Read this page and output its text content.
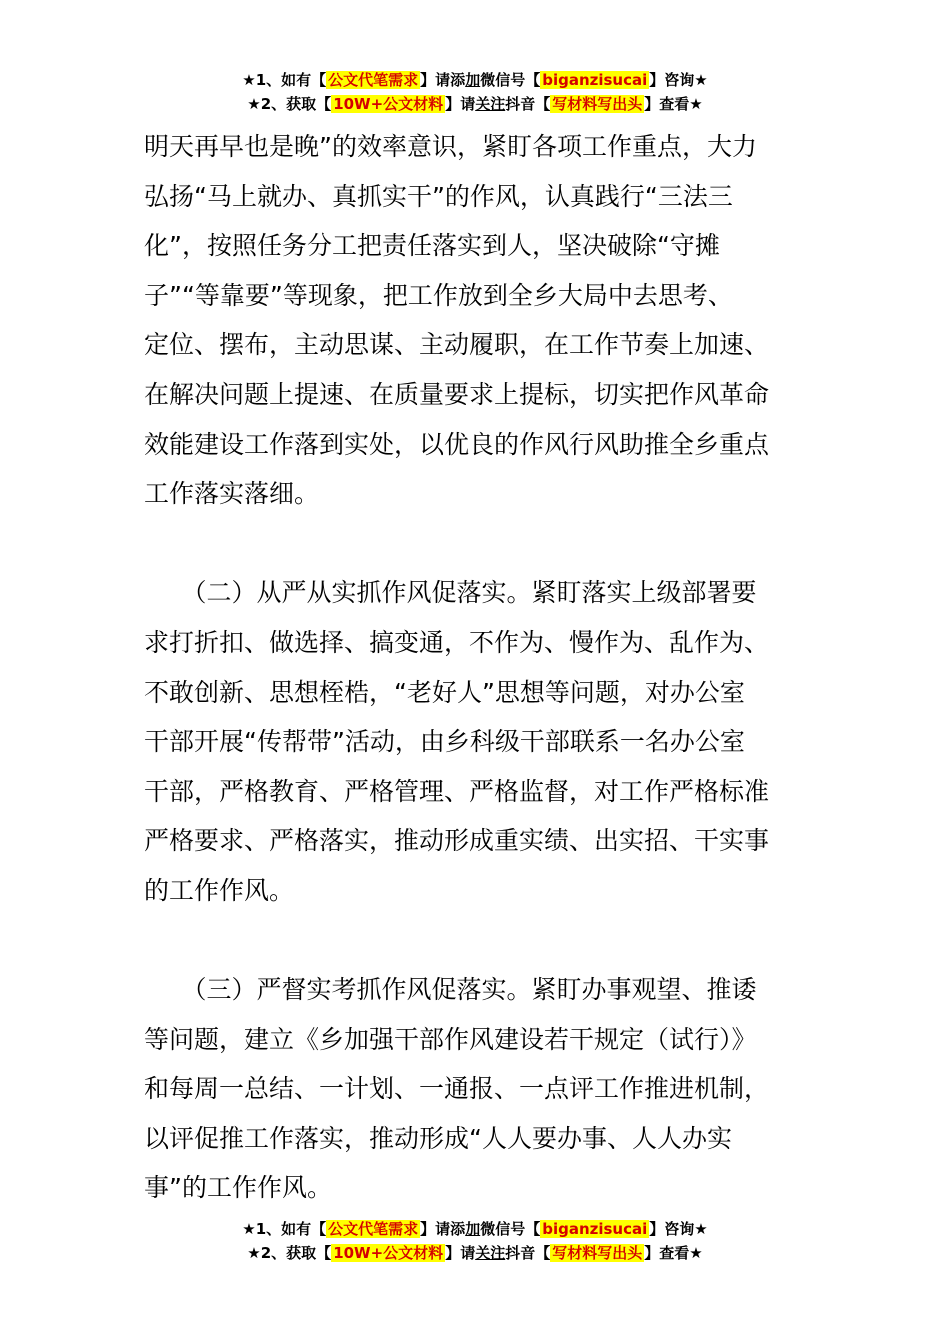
★1、如有【 公文代笔需求 】请添加微信号【 biganzisucai 】咨询★
★2、获取【 10W+公文材料 】请关注抖音【 写材料写出头 】查看★
明天再早也是晚”的效率意识，紧盯各项工作重点，大力
弘扬“马上就办、真抓实干”的作风，认真践行“三法三
化”，按照任务分工把责任落实到人，坚决破除“守摊
子”“等靠要”等现象，把工作放到全乡大局中去思考、
定位、摆布，主动思谋、主动履职，在工作节奏上加速、
在解决问题上提速、在质量要求上提标，切实把作风革命
效能建设工作落到实处，以优良的作风行风助推全乡重点
工作落实落细。
　　（二）从严从实抓作风促落实。紧盯落实上级部署要
求打折扣、做选择、搞变通，不作为、慢作为、乱作为、
不敢创新、思想桎梏，“老好人”思想等问题，对办公室
干部开展“传帮带”活动，由乡科级干部联系一名办公室
干部，严格教育、严格管理、严格监督，对工作严格标准
严格要求、严格落实，推动形成重实绩、出实招、干实事
的工作作风。
　　（三）严督实考抓作风促落实。紧盯办事观望、推诿
等问题，建立《乡加强干部作风建设若干规定（试行）》
和每周一总结、一计划、一通报、一点评工作推进机制，
以评促推工作落实，推动形成“人人要办事、人人办实
事”的工作作风。
★1、如有【 公文代笔需求 】请添加微信号【 biganzisucai 】咨询★
★2、获取【 10W+公文材料 】请关注抖音【 写材料写出头 】查看★
